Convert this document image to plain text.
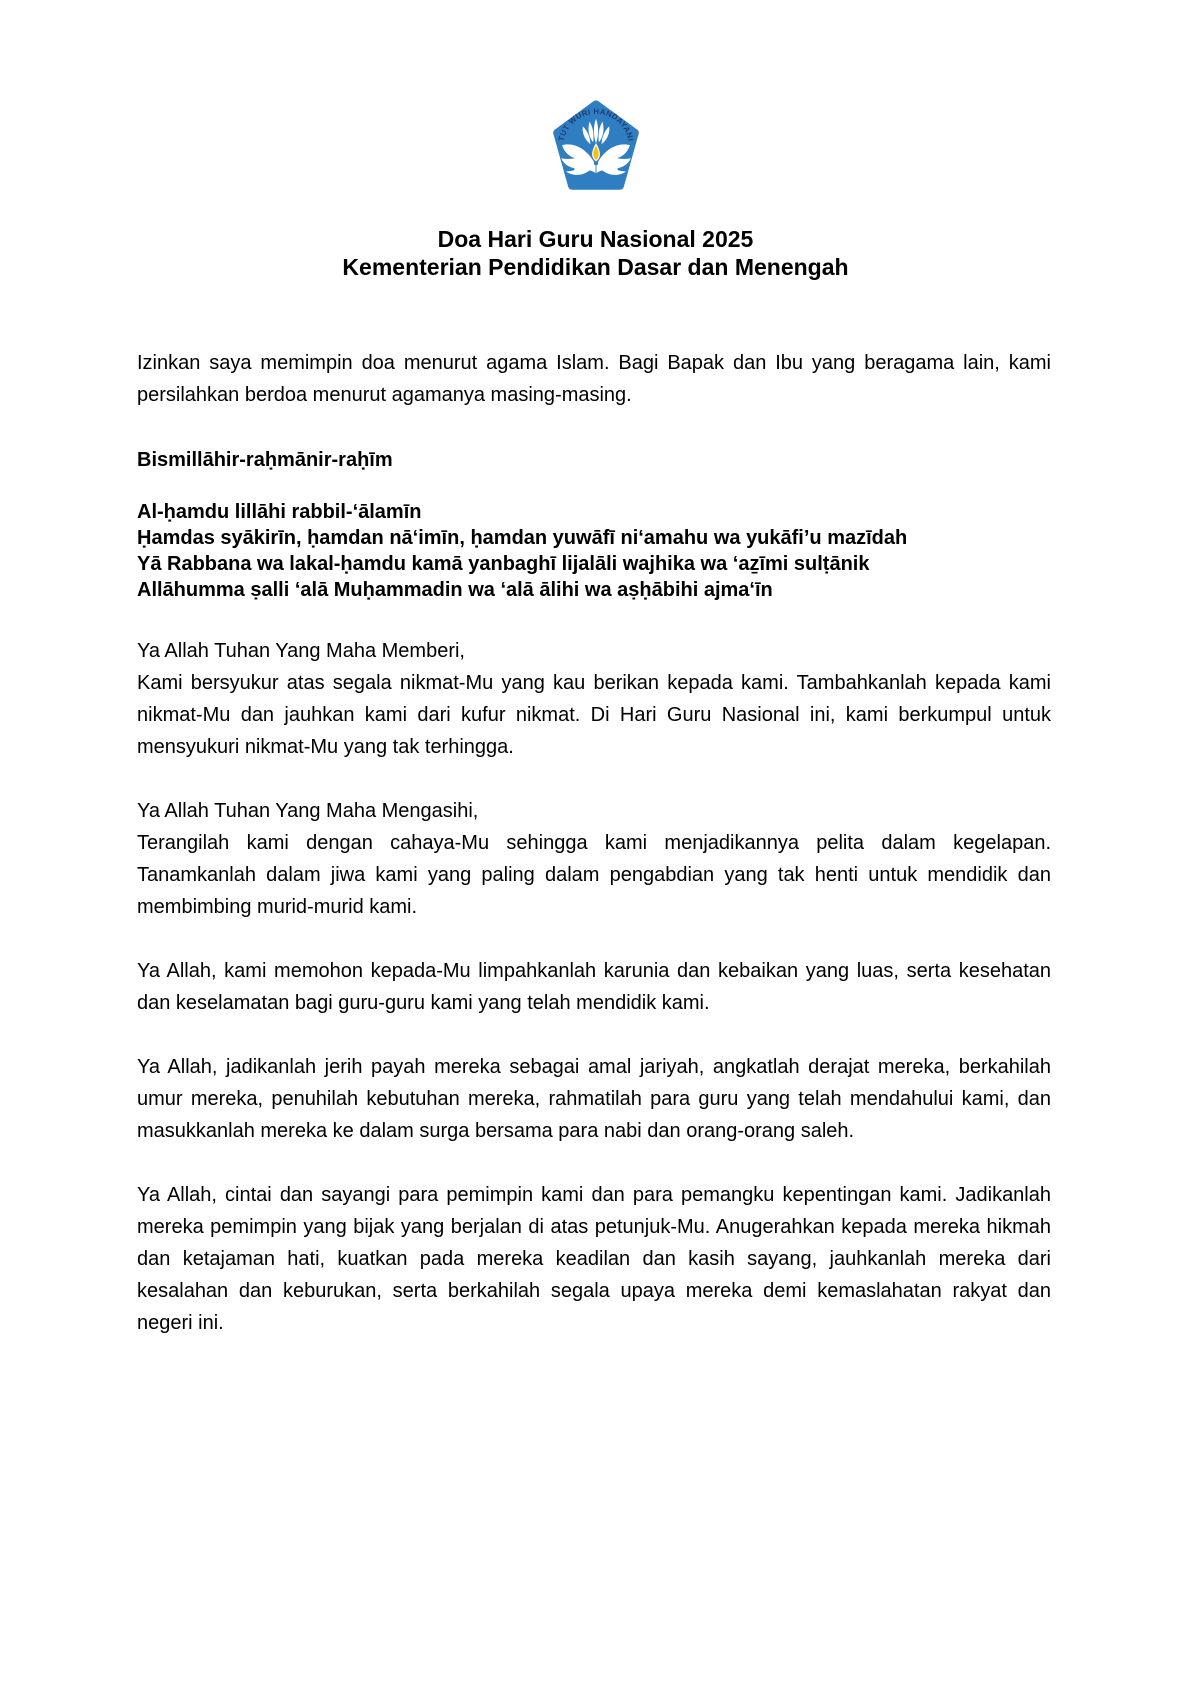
TUT WURI HANDAYANI
Doa Hari Guru Nasional 2025
Kementerian Pendidikan Dasar dan Menengah

Izinkan saya memimpin doa menurut agama Islam. Bagi Bapak dan Ibu yang beragama lain, kami persilahkan berdoa menurut agamanya masing-masing.

Bismillāhir-raḥmānir-raḥīm

Al-ḥamdu lillāhi rabbil-‘ālamīn
Ḥamdas syākirīn, ḥamdan nā‘imīn, ḥamdan yuwāfī ni‘amahu wa yukāfi’u mazīdah
Yā Rabbana wa lakal-ḥamdu kamā yanbaghī lijalāli wajhika wa ‘aẕīmi sulṭānik
Allāhumma ṣalli ‘alā Muḥammadin wa ‘alā ālihi wa aṣḥābihi ajma‘īn

Ya Allah Tuhan Yang Maha Memberi,
Kami bersyukur atas segala nikmat-Mu yang kau berikan kepada kami. Tambahkanlah kepada kami nikmat-Mu dan jauhkan kami dari kufur nikmat. Di Hari Guru Nasional ini, kami berkumpul untuk mensyukuri nikmat-Mu yang tak terhingga.

Ya Allah Tuhan Yang Maha Mengasihi,
Terangilah kami dengan cahaya-Mu sehingga kami menjadikannya pelita dalam kegelapan. Tanamkanlah dalam jiwa kami yang paling dalam pengabdian yang tak henti untuk mendidik dan membimbing murid-murid kami.

Ya Allah, kami memohon kepada-Mu limpahkanlah karunia dan kebaikan yang luas, serta kesehatan dan keselamatan bagi guru-guru kami yang telah mendidik kami.

Ya Allah, jadikanlah jerih payah mereka sebagai amal jariyah, angkatlah derajat mereka, berkahilah umur mereka, penuhilah kebutuhan mereka, rahmatilah para guru yang telah mendahului kami, dan masukkanlah mereka ke dalam surga bersama para nabi dan orang-orang saleh.

Ya Allah, cintai dan sayangi para pemimpin kami dan para pemangku kepentingan kami. Jadikanlah mereka pemimpin yang bijak yang berjalan di atas petunjuk-Mu. Anugerahkan kepada mereka hikmah dan ketajaman hati, kuatkan pada mereka keadilan dan kasih sayang, jauhkanlah mereka dari kesalahan dan keburukan, serta berkahilah segala upaya mereka demi kemaslahatan rakyat dan negeri ini.
